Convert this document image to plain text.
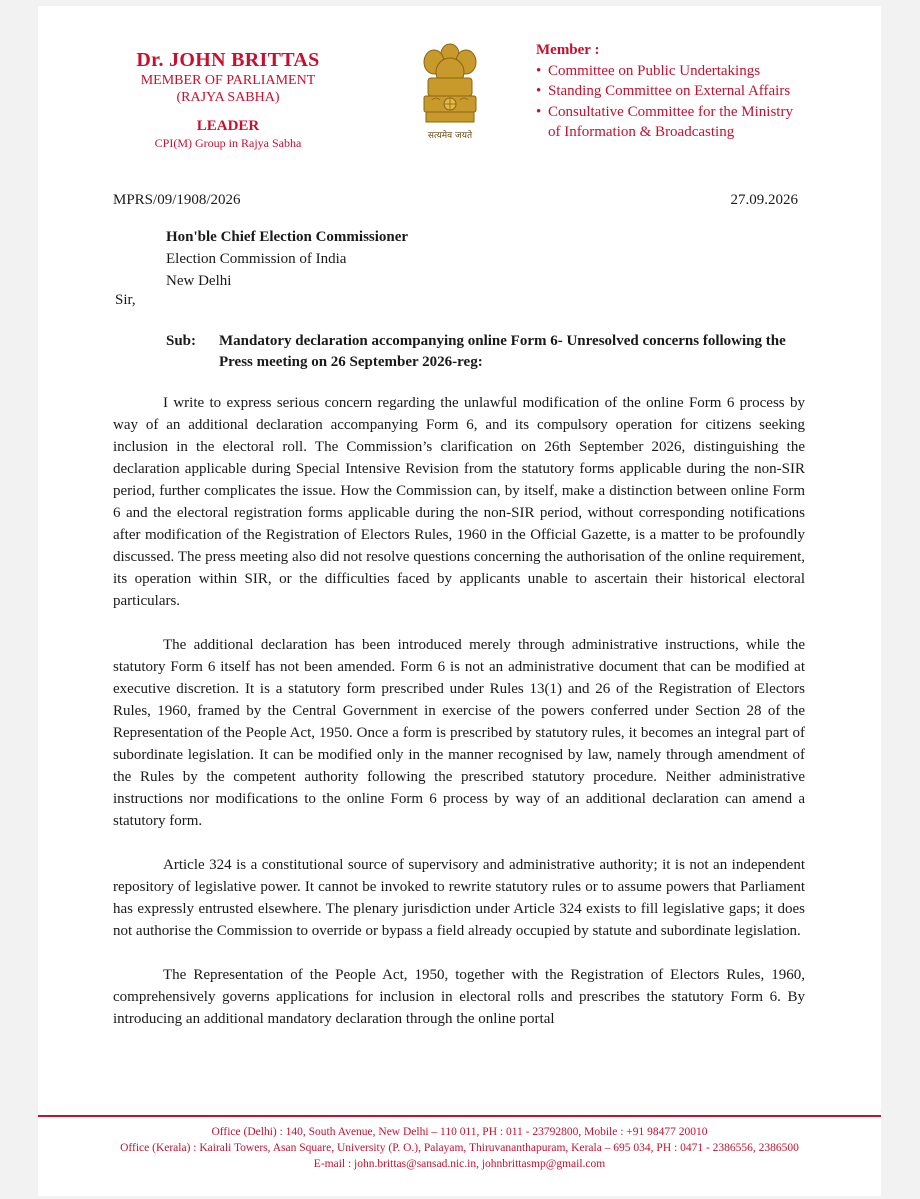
Dr. JOHN BRITTAS
MEMBER OF PARLIAMENT
(RAJYA SABHA)
LEADER
CPI(M) Group in Rajya Sabha	सत्यमेव जयते
Member :
• Committee on Public Undertakings
• Standing Committee on External Affairs
• Consultative Committee for the Ministry
of Information & Broadcasting
MPRS/09/1908/2026	27.09.2026
Hon'ble Chief Election Commissioner
Election Commission of India
New Delhi
Sir,
Sub: Mandatory declaration accompanying online Form 6- Unresolved concerns following the Press meeting on 26 September 2026-reg:

I write to express serious concern regarding the unlawful modification of the online Form 6 process by way of an additional declaration accompanying Form 6, and its compulsory operation for citizens seeking inclusion in the electoral roll. The Commission’s clarification on 26th September 2026, distinguishing the declaration applicable during Special Intensive Revision from the statutory forms applicable during the non-SIR period, further complicates the issue. How the Commission can, by itself, make a distinction between online Form 6 and the electoral registration forms applicable during the non-SIR period, without corresponding notifications after modification of the Registration of Electors Rules, 1960 in the Official Gazette, is a matter to be profoundly discussed. The press meeting also did not resolve questions concerning the authorisation of the online requirement, its operation within SIR, or the difficulties faced by applicants unable to ascertain their historical electoral particulars.

The additional declaration has been introduced merely through administrative instructions, while the statutory Form 6 itself has not been amended. Form 6 is not an administrative document that can be modified at executive discretion. It is a statutory form prescribed under Rules 13(1) and 26 of the Registration of Electors Rules, 1960, framed by the Central Government in exercise of the powers conferred under Section 28 of the Representation of the People Act, 1950. Once a form is prescribed by statutory rules, it becomes an integral part of subordinate legislation. It can be modified only in the manner recognised by law, namely through amendment of the Rules by the competent authority following the prescribed statutory procedure. Neither administrative instructions nor modifications to the online Form 6 process by way of an additional declaration can amend a statutory form.

Article 324 is a constitutional source of supervisory and administrative authority; it is not an independent repository of legislative power. It cannot be invoked to rewrite statutory rules or to assume powers that Parliament has expressly entrusted elsewhere. The plenary jurisdiction under Article 324 exists to fill legislative gaps; it does not authorise the Commission to override or bypass a field already occupied by statute and subordinate legislation.

The Representation of the People Act, 1950, together with the Registration of Electors Rules, 1960, comprehensively governs applications for inclusion in electoral rolls and prescribes the statutory Form 6. By introducing an additional mandatory declaration through the online portal

Office (Delhi) : 140, South Avenue, New Delhi – 110 011, PH : 011 - 23792800, Mobile : +91 98477 20010
Office (Kerala) : Kairali Towers, Asan Square, University (P. O.), Palayam, Thiruvananthapuram, Kerala – 695 034, PH : 0471 - 2386556, 2386500
E-mail : john.brittas@sansad.nic.in, johnbrittasmp@gmail.com
